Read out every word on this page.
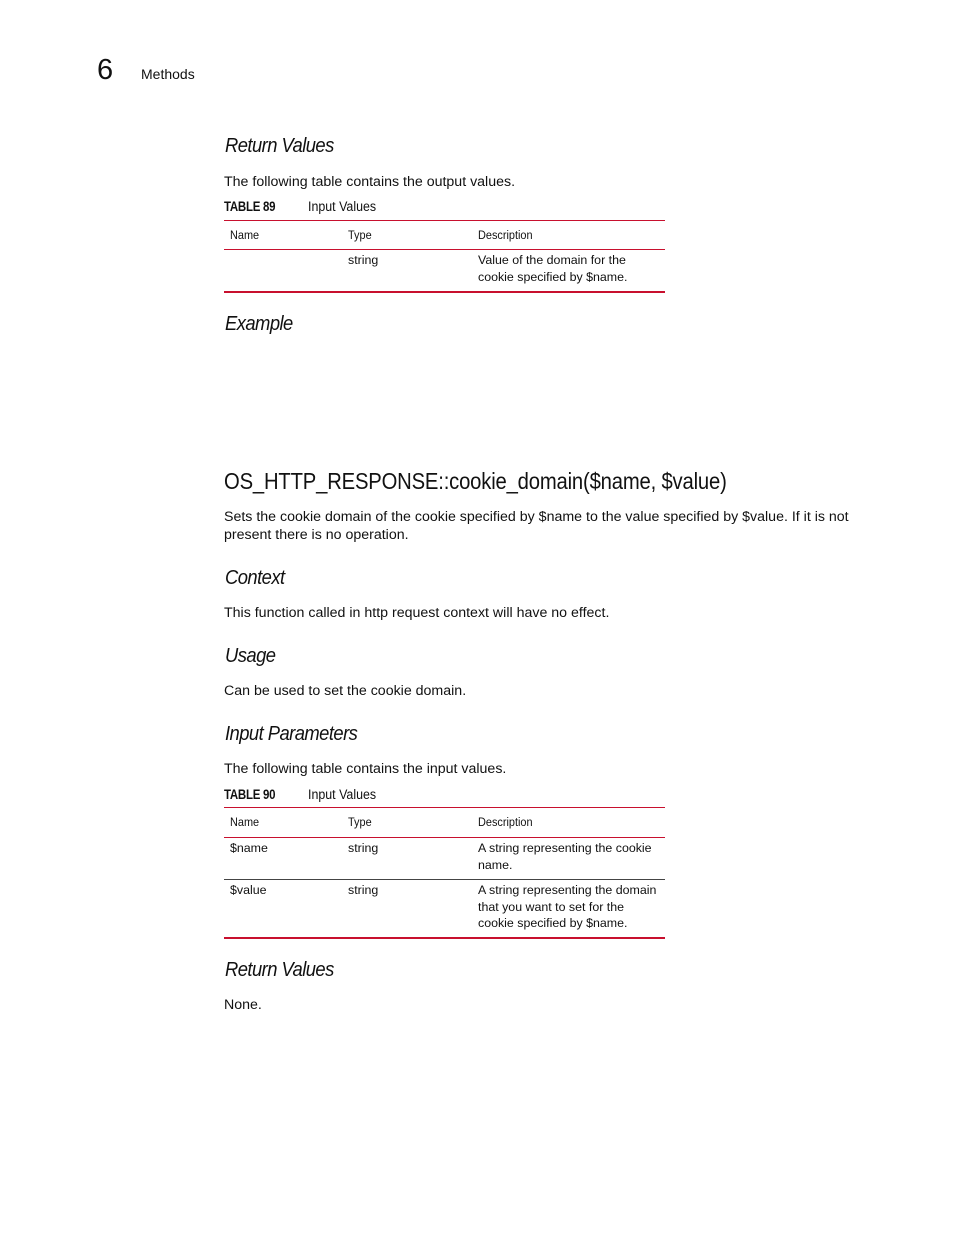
6 Methods
Return Values
The following table contains the output values.
TABLE 89 Input Values
Name	Type	Description
	string	Value of the domain for the cookie specified by $name.
Example
OS_HTTP_RESPONSE::cookie_domain($name, $value)
Sets the cookie domain of the cookie specified by $name to the value specified by $value. If it is not present there is no operation.
Context
This function called in http request context will have no effect.
Usage
Can be used to set the cookie domain.
Input Parameters
The following table contains the input values.
TABLE 90 Input Values
Name	Type	Description
$name	string	A string representing the cookie name.
$value	string	A string representing the domain that you want to set for the cookie specified by $name.
Return Values
None.
